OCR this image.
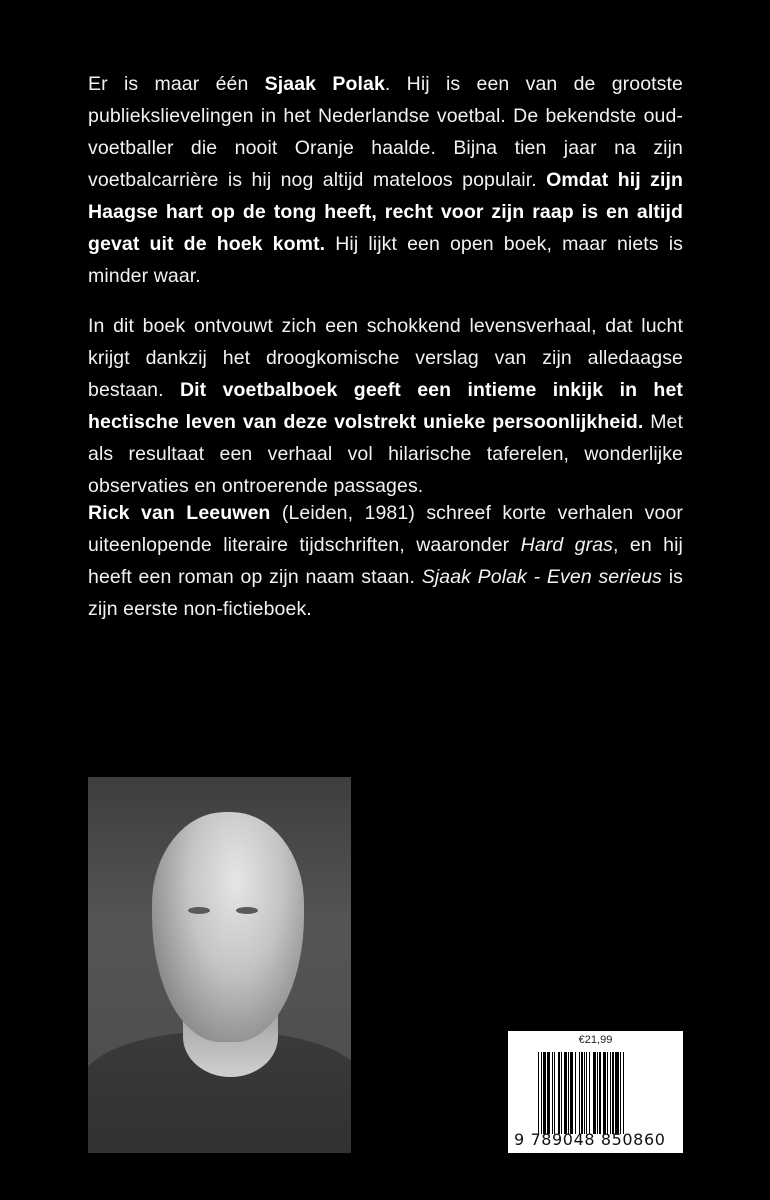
Er is maar één Sjaak Polak. Hij is een van de grootste publiekslievelingen in het Nederlandse voetbal. De bekendste oud-voetballer die nooit Oranje haalde. Bijna tien jaar na zijn voetbalcarrière is hij nog altijd mateloos populair. Omdat hij zijn Haagse hart op de tong heeft, recht voor zijn raap is en altijd gevat uit de hoek komt. Hij lijkt een open boek, maar niets is minder waar.
In dit boek ontvouwt zich een schokkend levensverhaal, dat lucht krijgt dankzij het droogkomische verslag van zijn alledaagse bestaan. Dit voetbalboek geeft een intieme inkijk in het hectische leven van deze volstrekt unieke persoonlijkheid. Met als resultaat een verhaal vol hilarische taferelen, wonderlijke observaties en ontroerende passages.
Rick van Leeuwen (Leiden, 1981) schreef korte verhalen voor uiteenlopende literaire tijdschriften, waaronder Hard gras, en hij heeft een roman op zijn naam staan. Sjaak Polak - Even serieus is zijn eerste non-fictieboek.
€21,99
9 789048 850860
